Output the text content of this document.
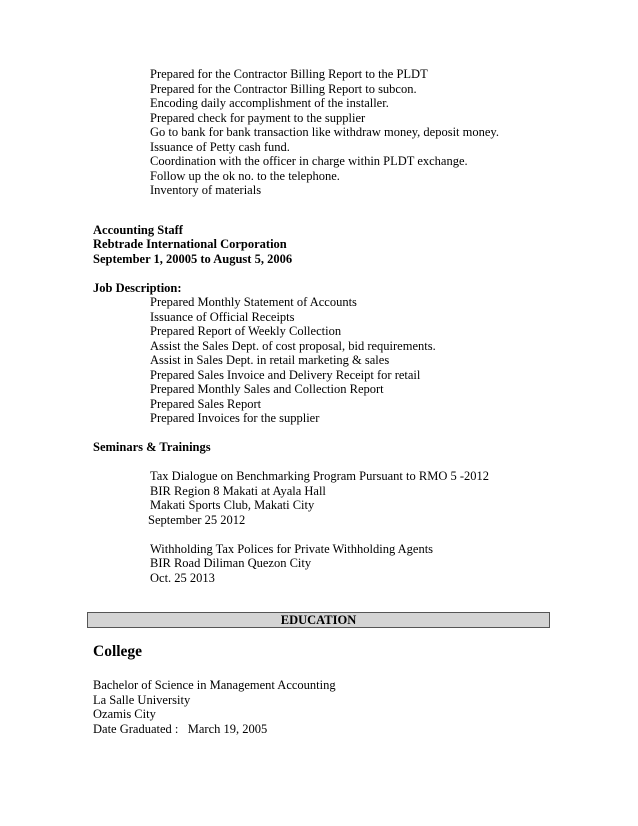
Prepared for the Contractor Billing Report to the PLDT
Prepared for the Contractor Billing Report to subcon.
Encoding daily accomplishment of the installer.
Prepared check for payment to the supplier
Go to bank for bank transaction like withdraw money, deposit money.
Issuance of Petty cash fund.
Coordination with the officer in charge within PLDT exchange.
Follow up the ok no. to the telephone.
Inventory of materials
Accounting Staff
Rebtrade International Corporation
September 1, 20005 to August 5, 2006
Job Description:
Prepared Monthly Statement of Accounts
Issuance of Official Receipts
Prepared Report of Weekly Collection
Assist the Sales Dept. of cost proposal, bid requirements.
Assist in Sales Dept. in retail marketing & sales
Prepared Sales Invoice and Delivery Receipt for retail
Prepared Monthly Sales and Collection Report
Prepared Sales Report
Prepared Invoices for the supplier
Seminars & Trainings
Tax Dialogue on Benchmarking Program Pursuant to RMO 5 -2012
BIR Region 8 Makati at Ayala Hall
Makati Sports Club, Makati City
September 25 2012
Withholding Tax Polices for Private Withholding Agents
BIR Road Diliman Quezon City
Oct. 25 2013
EDUCATION
College
Bachelor of Science in Management Accounting
La Salle University
Ozamis City
Date Graduated :   March 19, 2005
